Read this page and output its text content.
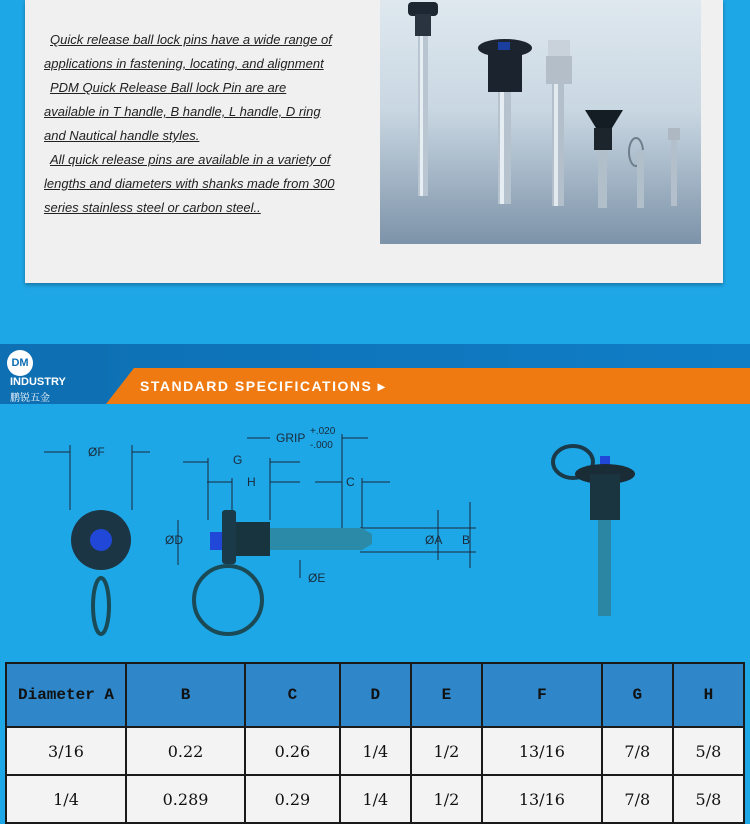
Quick release ball lock pins have a wide range of

applications in fastening, locating, and alignment

PDM Quick Release Ball lock Pin are are

available in T handle, B handle, L handle, D ring

and Nautical handle styles.

All quick release pins are available in a variety of

lengths and diameters with shanks made from 300

series stainless steel or carbon steel..

DM
INDUSTRY
鹏锐五金
STANDARD SPECIFICATIONS ▸
ØF
G
H
GRIP +.020
-.000
C
ØD	ØA B
ØE
Diameter A	B	C	D	E	F	G	H
3/16	0.22	0.26	1/4	1/2	13/16	7/8	5/8
1/4	0.289	0.29	1/4	1/2	13/16	7/8	5/8
